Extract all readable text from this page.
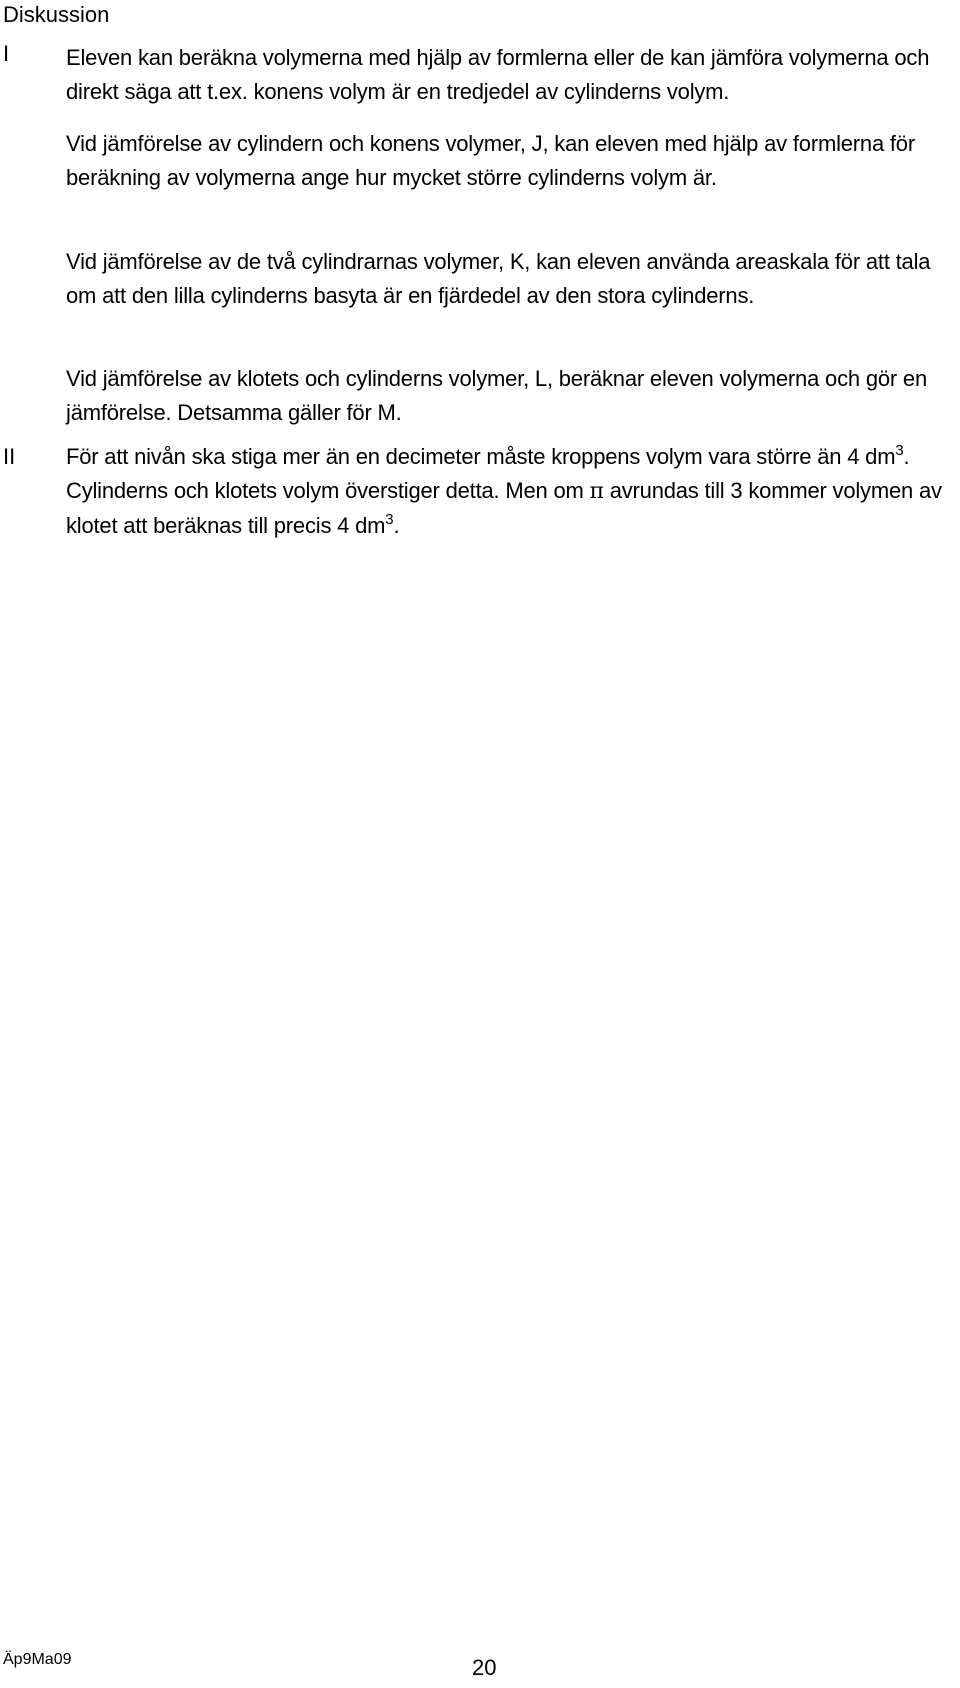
Diskussion
I	Eleven kan beräkna volymerna med hjälp av formlerna eller de kan jämföra volymerna och direkt säga att t.ex. konens volym är en tredjedel av cylinderns volym.

Vid jämförelse av cylindern och konens volymer, J, kan eleven med hjälp av formlerna för beräkning av volymerna ange hur mycket större cylinderns volym är.

Vid jämförelse av de två cylindrarnas volymer, K, kan eleven använda areaskala för att tala om att den lilla cylinderns basyta är en fjärdedel av den stora cylinderns.

Vid jämförelse av klotets och cylinderns volymer, L, beräknar eleven volymerna och gör en jämförelse. Detsamma gäller för M.

II För att nivån ska stiga mer än en decimeter måste kroppens volym vara större än 4 $dm^3$. Cylinderns och klotets volym överstiger detta. Men om π avrundas till 3 kommer volymen av klotet att beräknas till precis 4 $dm^3$.

Äp9Ma09	20
